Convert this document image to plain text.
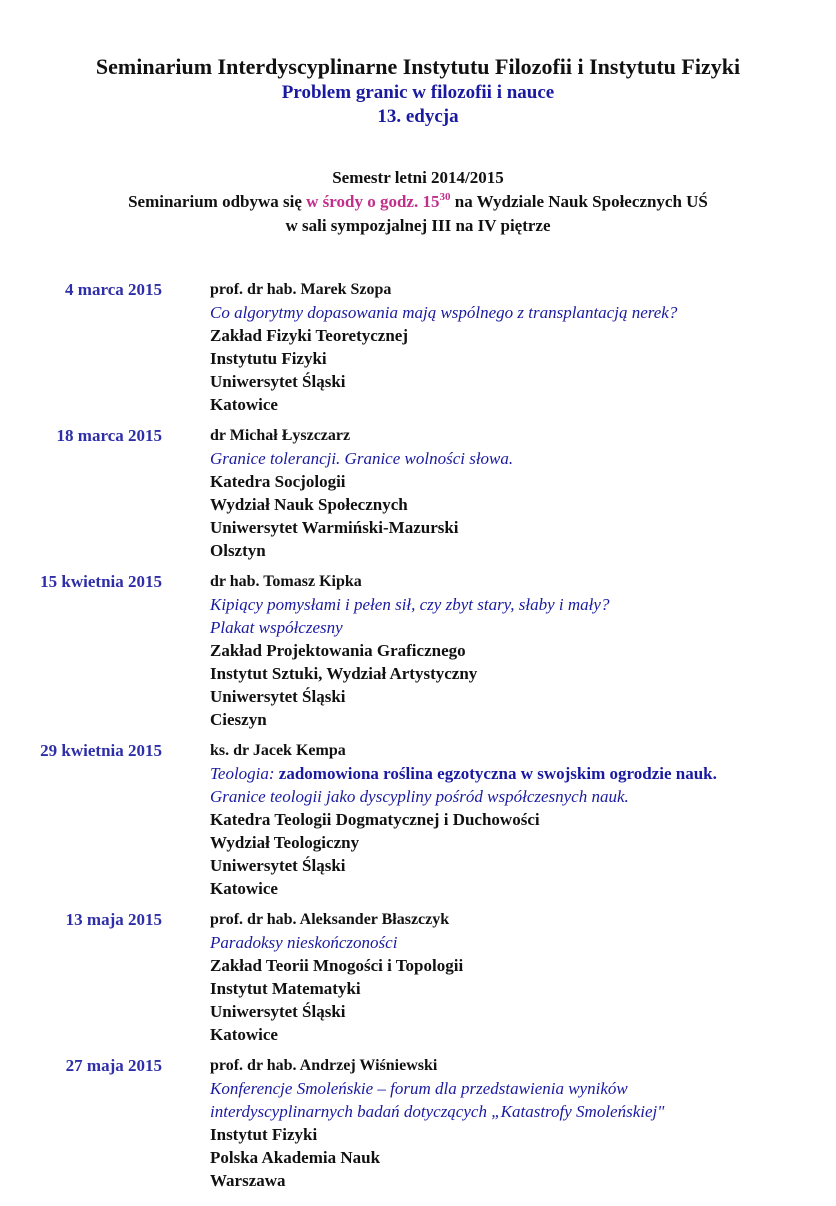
Seminarium Interdyscyplinarne Instytutu Filozofii i Instytutu Fizyki
Problem granic w filozofii i nauce
13. edycja
Semestr letni 2014/2015
Seminarium odbywa się w środy o godz. $15^{30}$ na Wydziale Nauk Społecznych UŚ
w sali sympozjalnej III na IV piętrze
4 marca 2015	prof. dr hab. Marek Szopa
Co algorytmy dopasowania mają wspólnego z transplantacją nerek?
Zakład Fizyki Teoretycznej
Instytutu Fizyki
Uniwersytet Śląski
Katowice
18 marca 2015	dr Michał Łyszczarz
Granice tolerancji. Granice wolności słowa.
Katedra Socjologii
Wydział Nauk Społecznych
Uniwersytet Warmiński-Mazurski
Olsztyn
15 kwietnia 2015	dr hab. Tomasz Kipka
Kipiący pomysłami i pełen sił, czy zbyt stary, słaby i mały?
Plakat współczesny
Zakład Projektowania Graficznego
Instytut Sztuki, Wydział Artystyczny
Uniwersytet Śląski
Cieszyn
29 kwietnia 2015	ks. dr Jacek Kempa
Teologia: zadomowiona roślina egzotyczna w swojskim ogrodzie nauk.
Granice teologii jako dyscypliny pośród współczesnych nauk.
Katedra Teologii Dogmatycznej i Duchowości
Wydział Teologiczny
Uniwersytet Śląski
Katowice
13 maja 2015	prof. dr hab. Aleksander Błaszczyk
Paradoksy nieskończoności
Zakład Teorii Mnogości i Topologii
Instytut Matematyki
Uniwersytet Śląski
Katowice
27 maja 2015	prof. dr hab. Andrzej Wiśniewski
Konferencje Smoleńskie – forum dla przedstawienia wyników
interdyscyplinarnych badań dotyczących „Katastrofy Smoleńskiej"
Instytut Fizyki
Polska Akademia Nauk
Warszawa
